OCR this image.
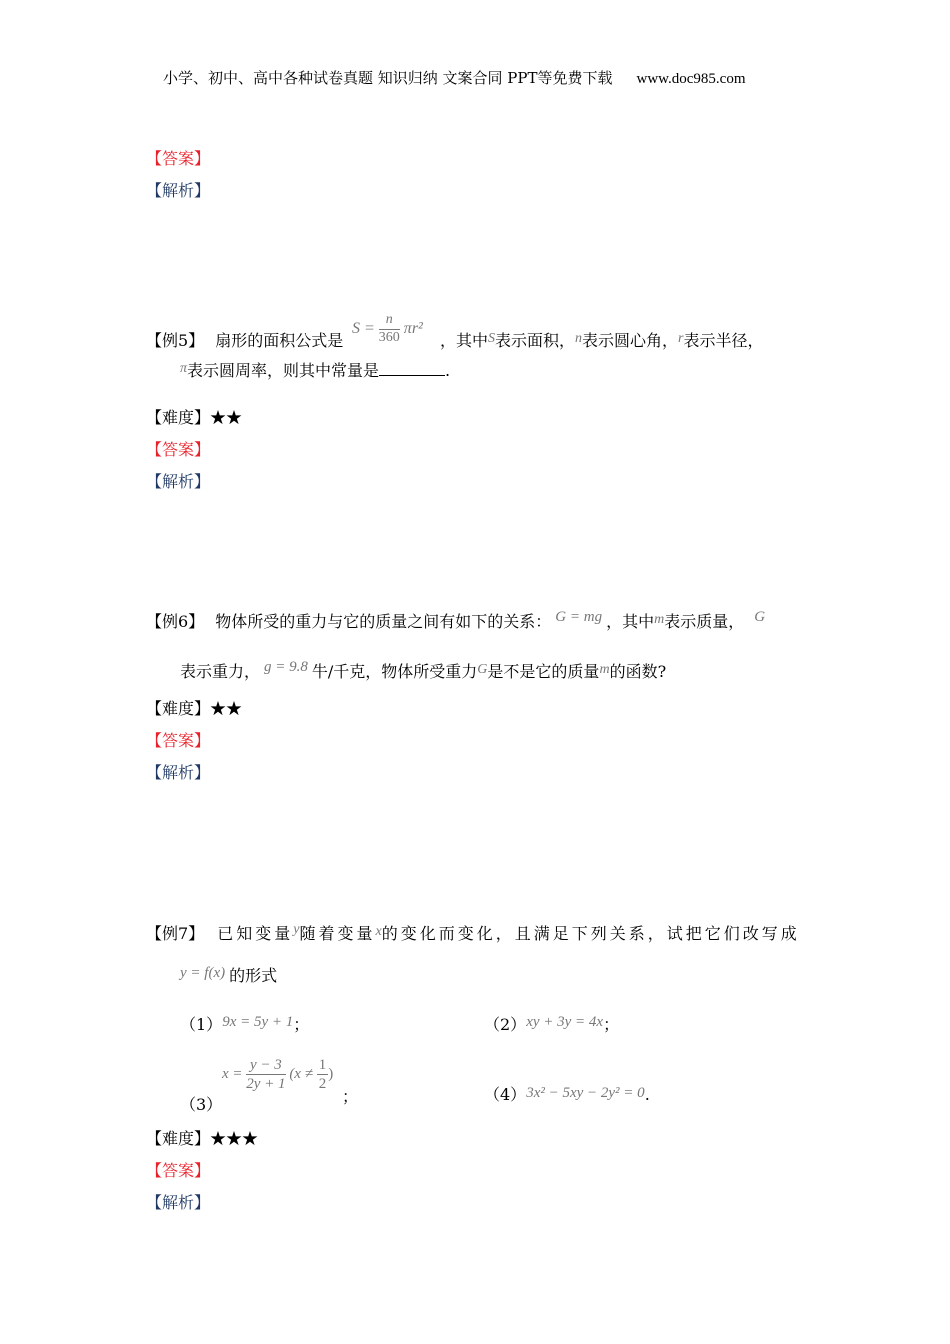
小学、初中、高中各种试卷真题 知识归纳 文案合同 PPT等免费下载 www.doc985.com
【答案】
【解析】
【例5】 扇形的面积公式是
$S = \frac{n}{360} \pi r^2$
，其中S表示面积，n表示圆心角，r表示半径，
π表示圆周率，则其中常量是	.
【难度】★★
【答案】
【解析】
【例6】 物体所受的重力与它的质量之间有如下的关系： G = mg ，其中m表示质量， G
表示重力， g = 9.8 牛/千克，物体所受重力G是不是它的质量m的函数?
【难度】★★
【答案】
【解析】
【例7】 已知变量y随着变量x的变化而变化，且满足下列关系，试把它们改写成
y = f(x) 的形式
（1）9x = 5y + 1；	（2）xy + 3y = 4x；
（3）
$x = \frac{y - 3}{2y + 1} (x \ne \frac{1}{2}$ )
；	（4）3x² − 5xy − 2y² = 0.
【难度】★★★
【答案】
【解析】
